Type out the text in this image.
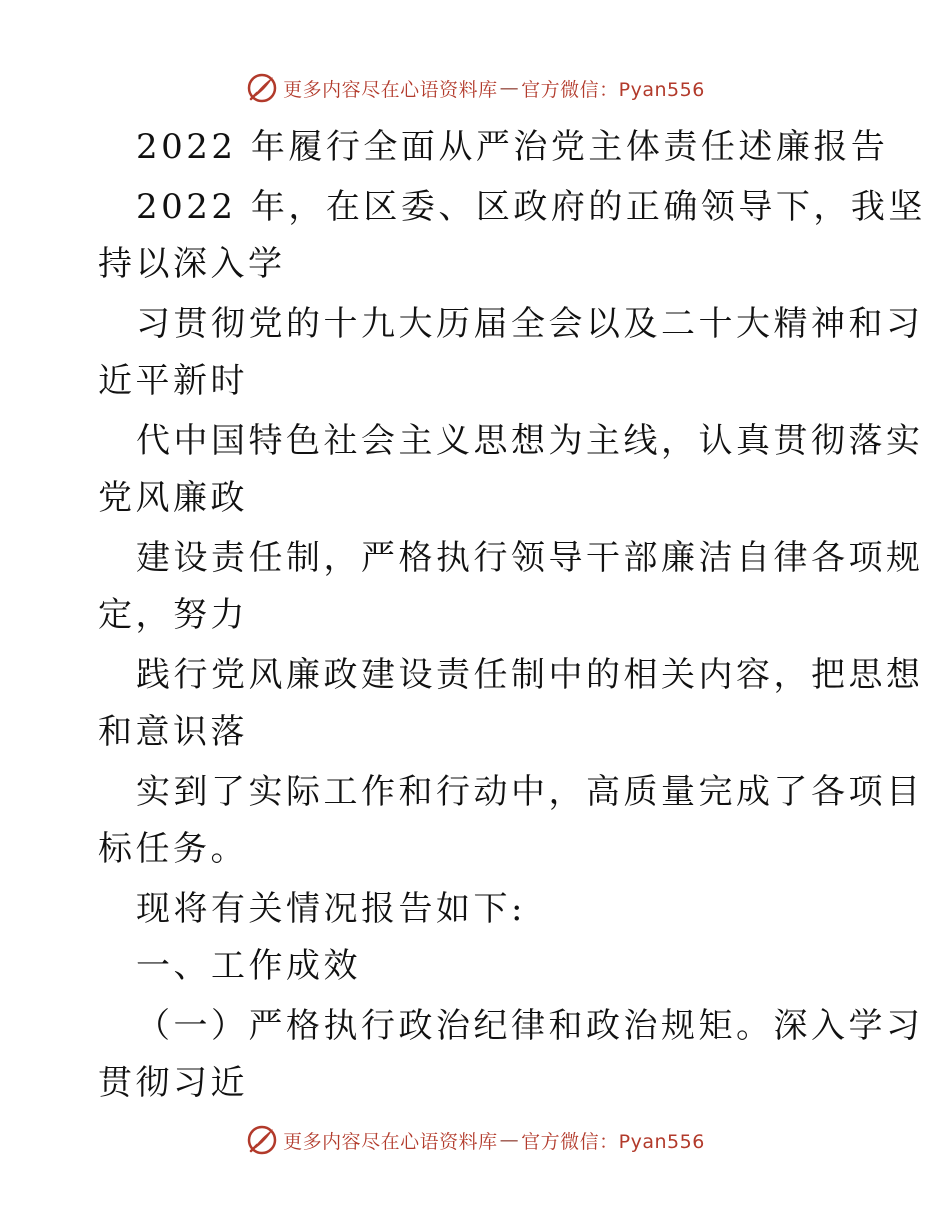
更多内容尽在心语资料库 — 官方微信：Pyan556
2022 年履行全面从严治党主体责任述廉报告
2022 年，在区委、区政府的正确领导下，我坚
持以深入学
习贯彻党的十九大历届全会以及二十大精神和习
近平新时
代中国特色社会主义思想为主线，认真贯彻落实
党风廉政
建设责任制，严格执行领导干部廉洁自律各项规
定，努力
践行党风廉政建设责任制中的相关内容，把思想
和意识落
实到了实际工作和行动中，高质量完成了各项目
标任务。
现将有关情况报告如下:
一、工作成效
（一）严格执行政治纪律和政治规矩。深入学习
贯彻习近
更多内容尽在心语资料库 — 官方微信：Pyan556
